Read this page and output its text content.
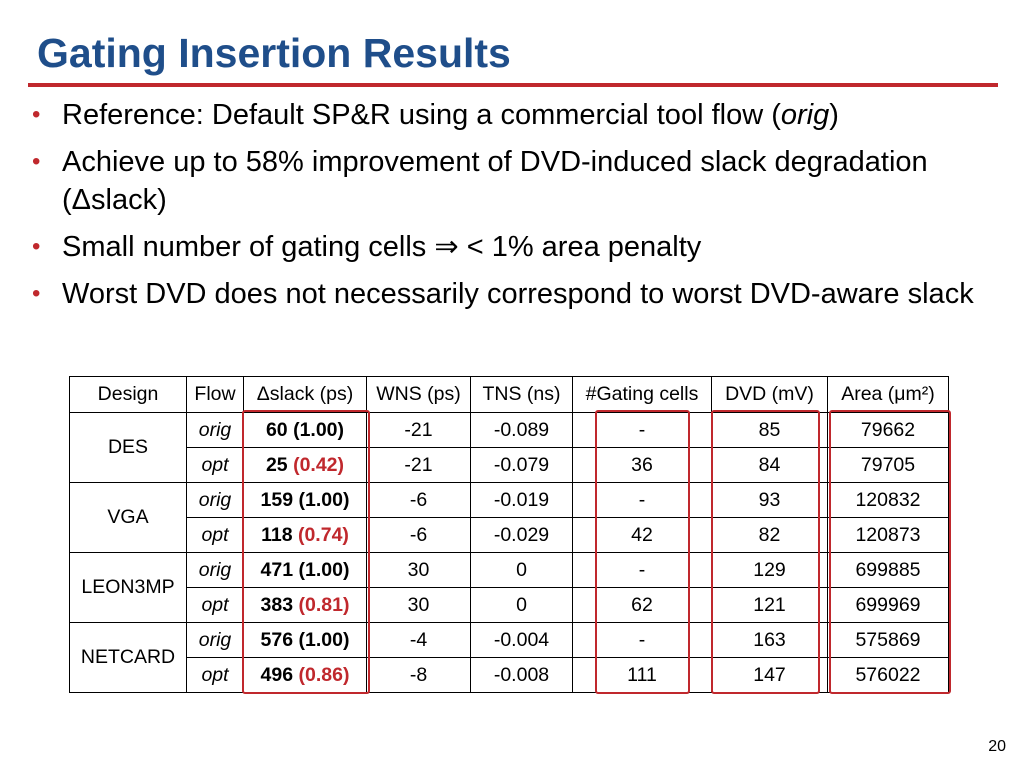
Gating Insertion Results
• Reference: Default SP&R using a commercial tool flow (orig)
• Achieve up to 58% improvement of DVD-induced slack degradation (Δslack)
• Small number of gating cells ⇒ < 1% area penalty
• Worst DVD does not necessarily correspond to worst DVD-aware slack
Design	Flow	Δslack (ps)	WNS (ps)	TNS (ns)	#Gating cells	DVD (mV)	Area (μm²)
DES	orig	60 (1.00)	-21	-0.089	-	85	79662
	opt	25 (0.42)	-21	-0.079	36	84	79705
VGA	orig	159 (1.00)	-6	-0.019	-	93	120832
	opt	118 (0.74)	-6	-0.029	42	82	120873
LEON3MP	orig	471 (1.00)	30	0	-	129	699885
	opt	383 (0.81)	30	0	62	121	699969
NETCARD	orig	576 (1.00)	-4	-0.004	-	163	575869
	opt	496 (0.86)	-8	-0.008	111	147	576022
20
